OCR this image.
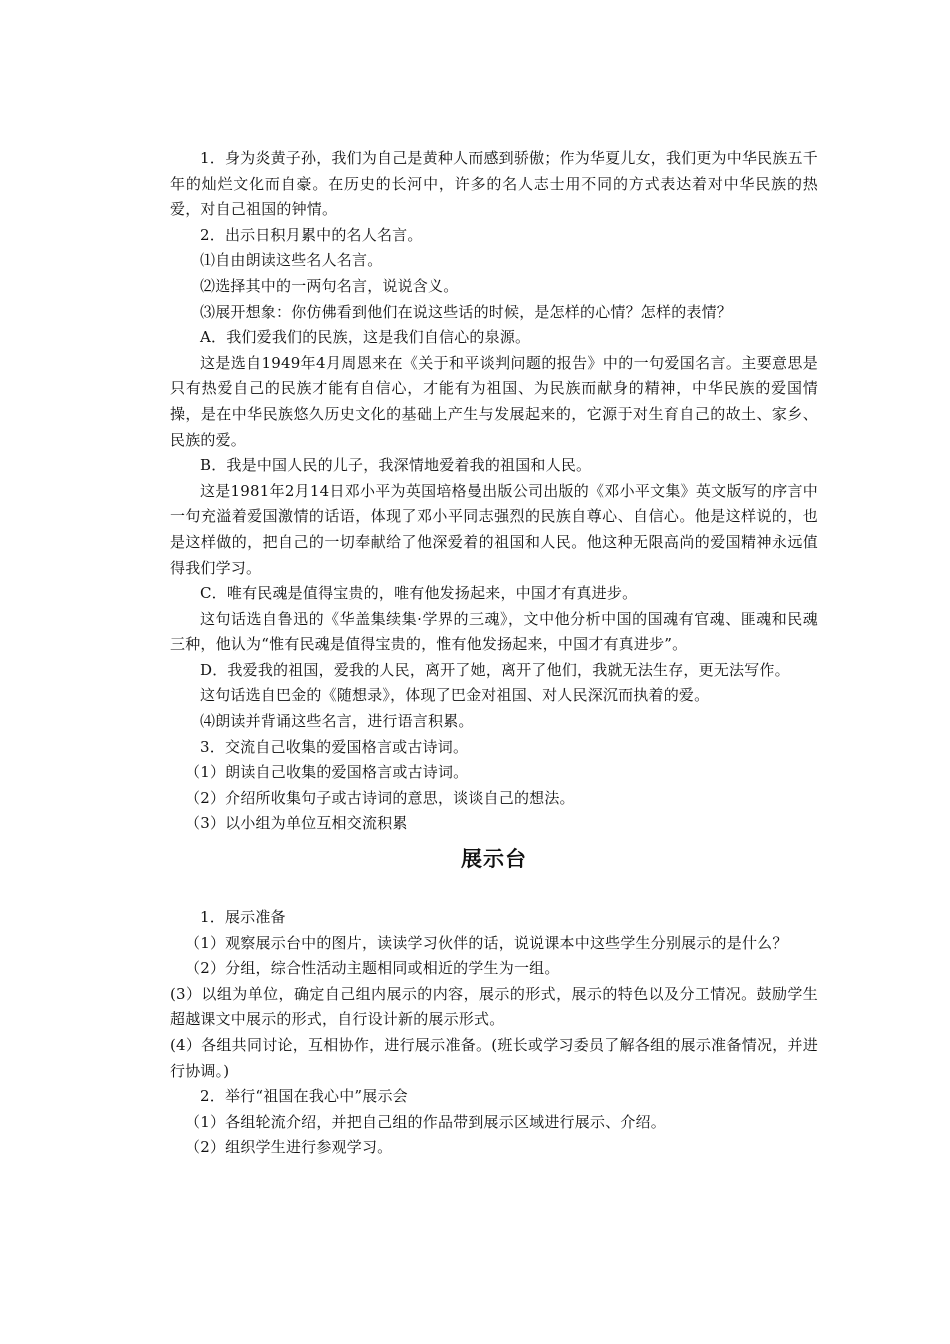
1．身为炎黄子孙，我们为自己是黄种人而感到骄傲；作为华夏儿女，我们更为中华民族五千年的灿烂文化而自豪。在历史的长河中，许多的名人志士用不同的方式表达着对中华民族的热爱，对自己祖国的钟情。

2．出示日积月累中的名人名言。

⑴自由朗读这些名人名言。

⑵选择其中的一两句名言，说说含义。

⑶展开想象：你仿佛看到他们在说这些话的时候，是怎样的心情？怎样的表情？

A．我们爱我们的民族，这是我们自信心的泉源。

这是选自1949年4月周恩来在《关于和平谈判问题的报告》中的一句爱国名言。主要意思是只有热爱自己的民族才能有自信心，才能有为祖国、为民族而献身的精神，中华民族的爱国情操，是在中华民族悠久历史文化的基础上产生与发展起来的，它源于对生育自己的故土、家乡、民族的爱。

B．我是中国人民的儿子，我深情地爱着我的祖国和人民。

这是1981年2月14日邓小平为英国培格曼出版公司出版的《邓小平文集》英文版写的序言中一句充溢着爱国激情的话语，体现了邓小平同志强烈的民族自尊心、自信心。他是这样说的，也是这样做的，把自己的一切奉献给了他深爱着的祖国和人民。他这种无限高尚的爱国精神永远值得我们学习。

C．唯有民魂是值得宝贵的，唯有他发扬起来，中国才有真进步。

这句话选自鲁迅的《华盖集续集·学界的三魂》，文中他分析中国的国魂有官魂、匪魂和民魂三种，他认为“惟有民魂是值得宝贵的，惟有他发扬起来，中国才有真进步”。

D．我爱我的祖国，爱我的人民，离开了她，离开了他们，我就无法生存，更无法写作。

这句话选自巴金的《随想录》，体现了巴金对祖国、对人民深沉而执着的爱。

⑷朗读并背诵这些名言，进行语言积累。

3．交流自己收集的爱国格言或古诗词。

（1）朗读自己收集的爱国格言或古诗词。

（2）介绍所收集句子或古诗词的意思，谈谈自己的想法。

（3）以小组为单位互相交流积累

展示台

1．展示准备

（1）观察展示台中的图片，读读学习伙伴的话，说说课本中这些学生分别展示的是什么？

（2）分组，综合性活动主题相同或相近的学生为一组。

(3）以组为单位，确定自己组内展示的内容，展示的形式，展示的特色以及分工情况。鼓励学生超越课文中展示的形式，自行设计新的展示形式。

(4）各组共同讨论，互相协作，进行展示准备。(班长或学习委员了解各组的展示准备情况，并进行协调。)

2．举行“祖国在我心中”展示会

（1）各组轮流介绍，并把自己组的作品带到展示区域进行展示、介绍。

（2）组织学生进行参观学习。
